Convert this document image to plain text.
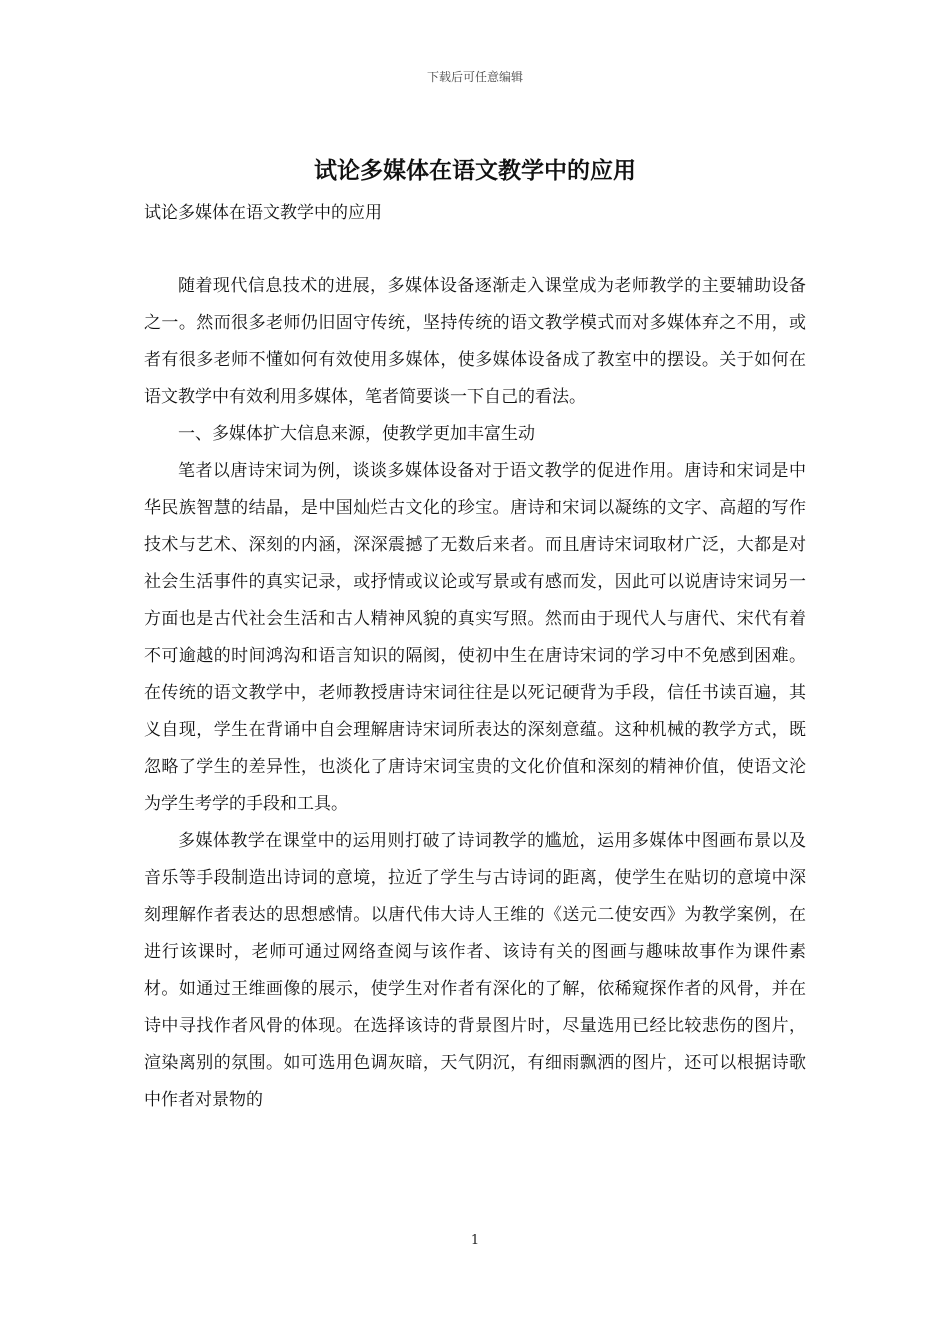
下载后可任意编辑
试论多媒体在语文教学中的应用
试论多媒体在语文教学中的应用

随着现代信息技术的进展，多媒体设备逐渐走入课堂成为老师教学的主要辅助设备之一。然而很多老师仍旧固守传统，坚持传统的语文教学模式而对多媒体弃之不用，或者有很多老师不懂如何有效使用多媒体，使多媒体设备成了教室中的摆设。关于如何在语文教学中有效利用多媒体，笔者简要谈一下自己的看法。

一、多媒体扩大信息来源，使教学更加丰富生动

笔者以唐诗宋词为例，谈谈多媒体设备对于语文教学的促进作用。唐诗和宋词是中华民族智慧的结晶，是中国灿烂古文化的珍宝。唐诗和宋词以凝练的文字、高超的写作技术与艺术、深刻的内涵，深深震撼了无数后来者。而且唐诗宋词取材广泛，大都是对社会生活事件的真实记录，或抒情或议论或写景或有感而发，因此可以说唐诗宋词另一方面也是古代社会生活和古人精神风貌的真实写照。然而由于现代人与唐代、宋代有着不可逾越的时间鸿沟和语言知识的隔阂，使初中生在唐诗宋词的学习中不免感到困难。在传统的语文教学中，老师教授唐诗宋词往往是以死记硬背为手段，信任书读百遍，其义自现，学生在背诵中自会理解唐诗宋词所表达的深刻意蕴。这种机械的教学方式，既忽略了学生的差异性，也淡化了唐诗宋词宝贵的文化价值和深刻的精神价值，使语文沦为学生考学的手段和工具。

多媒体教学在课堂中的运用则打破了诗词教学的尴尬，运用多媒体中图画布景以及音乐等手段制造出诗词的意境，拉近了学生与古诗词的距离，使学生在贴切的意境中深刻理解作者表达的思想感情。以唐代伟大诗人王维的《送元二使安西》为教学案例，在进行该课时，老师可通过网络查阅与该作者、该诗有关的图画与趣味故事作为课件素材。如通过王维画像的展示，使学生对作者有深化的了解，依稀窥探作者的风骨，并在诗中寻找作者风骨的体现。在选择该诗的背景图片时，尽量选用已经比较悲伤的图片，渲染离别的氛围。如可选用色调灰暗，天气阴沉，有细雨飘洒的图片，还可以根据诗歌中作者对景物的

1
